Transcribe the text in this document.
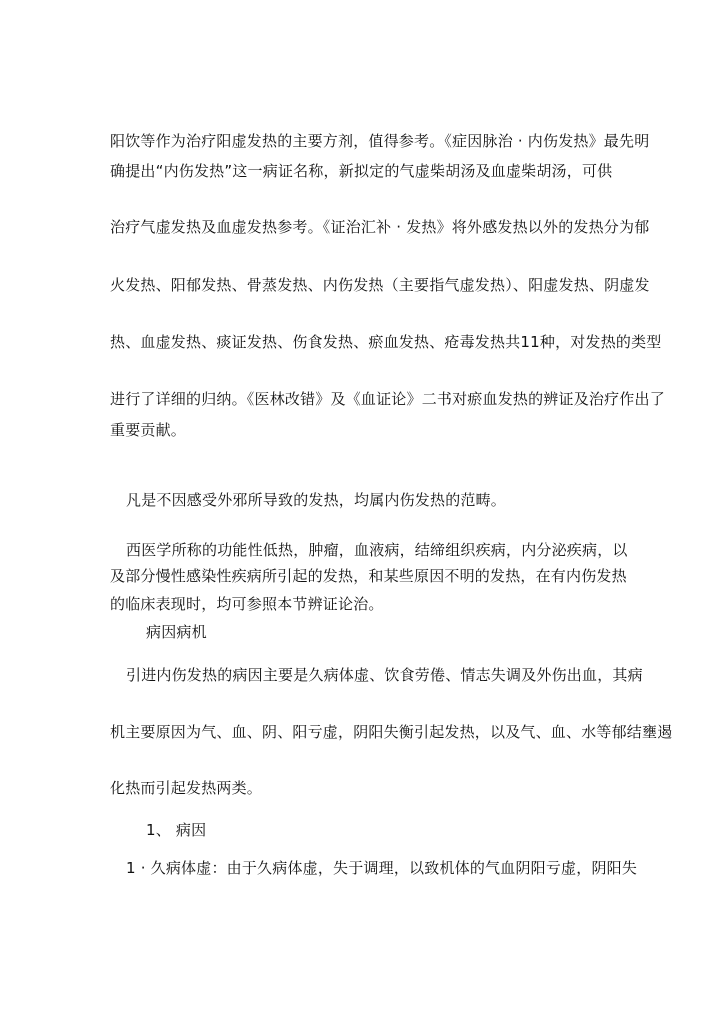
阳饮等作为治疗阳虚发热的主要方剂，值得参考。《症因脉治 · 内伤发热》最先明
确提出“内伤发热”这一病证名称，新拟定的气虚柴胡汤及血虚柴胡汤，可供
治疗气虚发热及血虚发热参考。《证治汇补 · 发热》将外感发热以外的发热分为郁
火发热、阳郁发热、骨蒸发热、内伤发热（主要指气虚发热）、阳虚发热、阴虚发
热、血虚发热、痰证发热、伤食发热、瘀血发热、疮毒发热共11种，对发热的类型
进行了详细的归纳。《医林改错》及《血证论》二书对瘀血发热的辨证及治疗作出了
重要贡献。
凡是不因感受外邪所导致的发热，均属内伤发热的范畴。
西医学所称的功能性低热，肿瘤，血液病，结缔组织疾病，内分泌疾病，以
及部分慢性感染性疾病所引起的发热，和某些原因不明的发热，在有内伤发热
的临床表现时，均可参照本节辨证论治。
病因病机
引进内伤发热的病因主要是久病体虚、饮食劳倦、情志失调及外伤出血，其病
机主要原因为气、血、阴、阳亏虚，阴阳失衡引起发热，以及气、血、水等郁结壅遏
化热而引起发热两类。
1、 病因
1 · 久病体虚：由于久病体虚，失于调理，以致机体的气血阴阳亏虚，阴阳失
